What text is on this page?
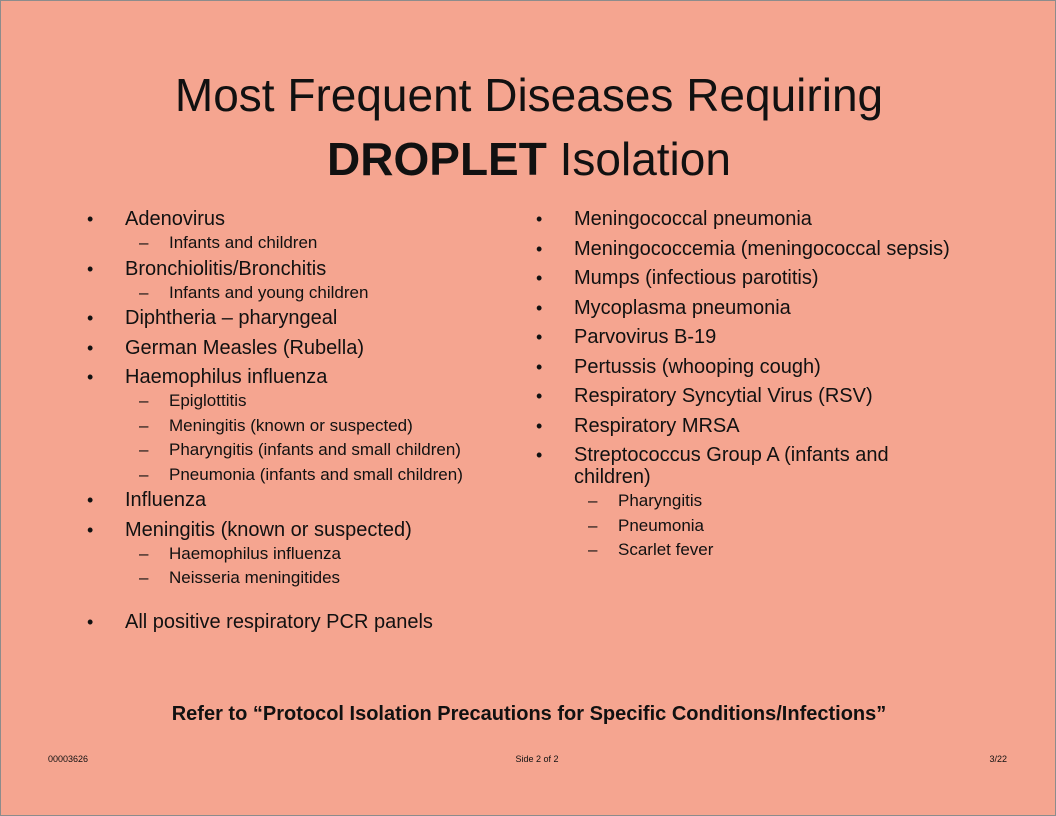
Most Frequent Diseases Requiring
DROPLET Isolation
• Adenovirus
– Infants and children
• Bronchiolitis/Bronchitis
– Infants and young children
• Diphtheria – pharyngeal
• German Measles (Rubella)
• Haemophilus influenza
– Epiglottitis
– Meningitis (known or suspected)
– Pharyngitis (infants and small children)
– Pneumonia (infants and small children)
• Influenza
• Meningitis (known or suspected)
– Haemophilus influenza
– Neisseria meningitides
• All positive respiratory PCR panels
• Meningococcal pneumonia
• Meningococcemia (meningococcal sepsis)
• Mumps (infectious parotitis)
• Mycoplasma pneumonia
• Parvovirus B-19
• Pertussis (whooping cough)
• Respiratory Syncytial Virus (RSV)
• Respiratory MRSA
• Streptococcus Group A (infants and children)
– Pharyngitis
– Pneumonia
– Scarlet fever
Refer to “Protocol Isolation Precautions for Specific Conditions/Infections”
00003626	Side 2 of 2	3/22
